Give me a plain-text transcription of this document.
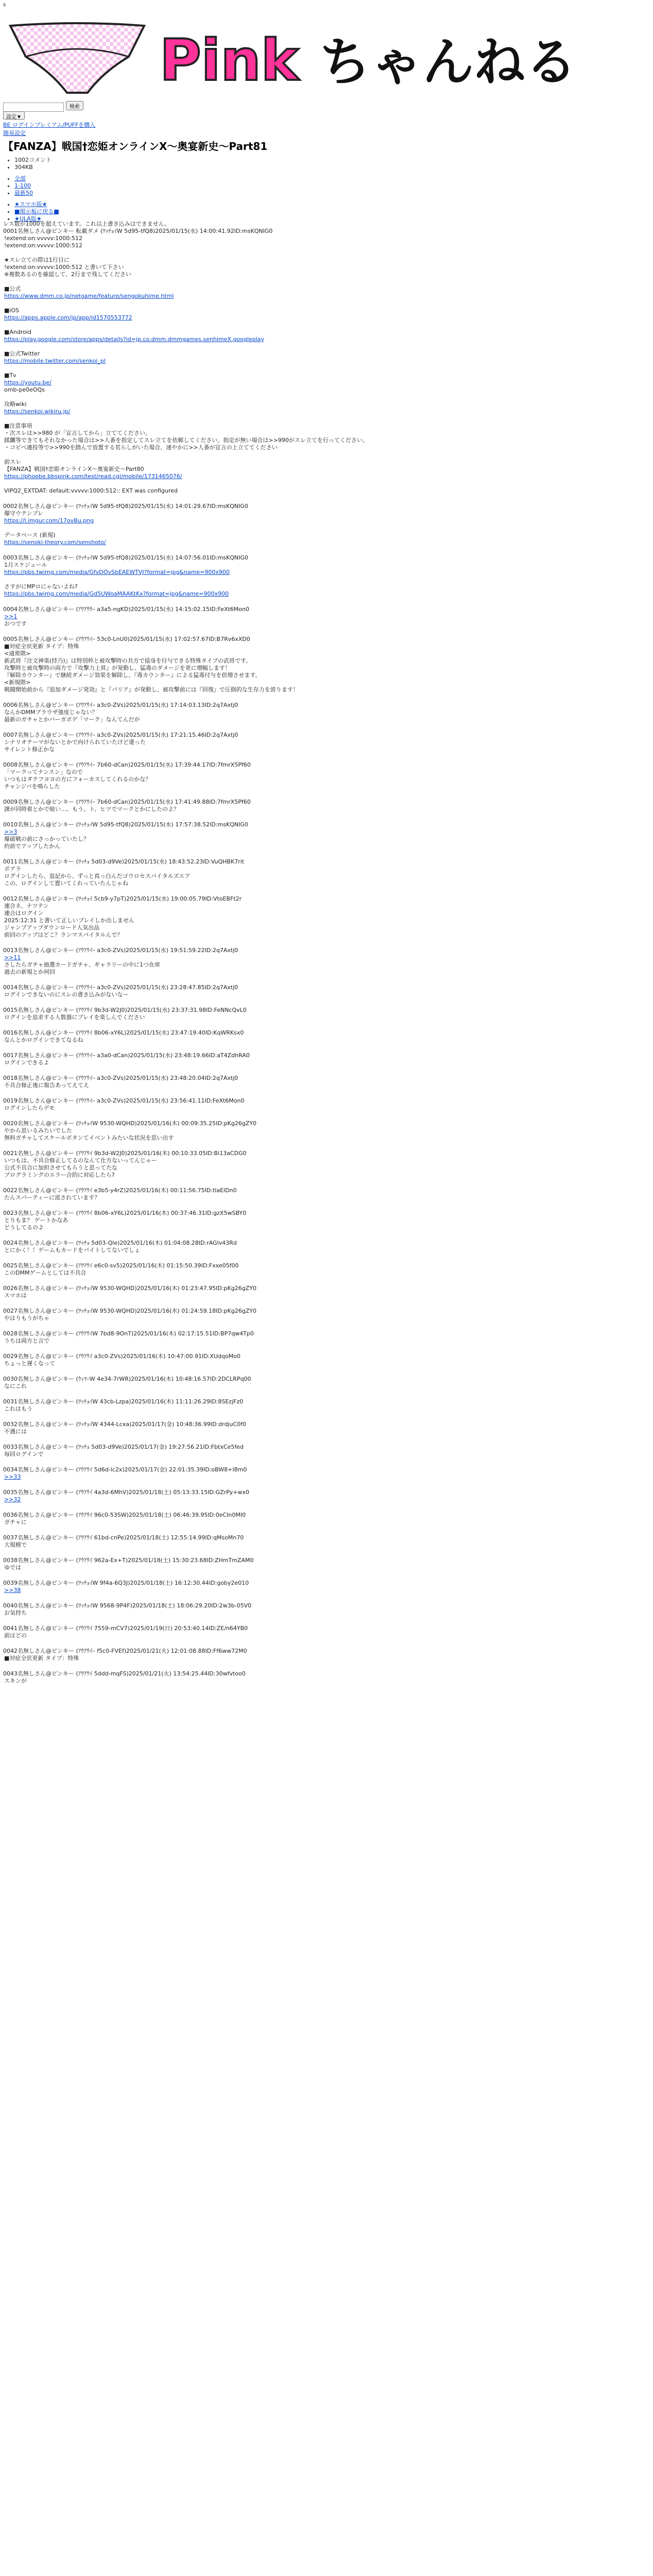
s
Pink ちゃんねる
検索
設定▼
BE ログインプレミアム/PUFFを購入
簡易設定
【FANZA】戦国†恋姫オンラインX～奥宴新史～Part81
• 1002コメント
• 304KB
• 全部
• 1-100
• 最新50
• ★スマホ版★
• ■掲示板に戻る■
• ★ULA版★
レス数が1000を超えています。これ以上書き込みはできません。
0001名無しさん@ピンキー 転載ダメ (ﾜｯﾁｮｲW 5d95-tfQ8)2025/01/15(水) 14:00:41.92ID:msKQNIG0
!extend:on:vvvvv:1000:512
!extend:on:vvvvv:1000:512

★スレ立ての際は1行目に
!extend:on:vvvvv:1000:512 と書いて下さい
※複数あるのを確認して、2行まで残してください

■公式
https://www.dmm.co.jp/netgame/feature/sengokuhime.html

■iOS
https://apps.apple.com/jp/app/id1570553772

■Android
https://play.google.com/store/apps/details?id=jp.co.dmm.dmmgames.senhimeX.googleplay

■公式Twitter
https://mobile.twitter.com/senkoi_pl

■Tv
https://youtu.be/
omb-pe0eOQs

攻略wiki
https://senkoi.wikiru.jp/

■注意事項
・次スレは>>980 が「宣言してから」立ててください。
蹂躙等できてもそれなかった場合は>>人番を指定してスレ立てを依頼してください。指定が無い場合は>>990がスレ立てを行ってください。
・コピペ連投等で>>990を踏んで放置する荒らしがいた場合、速やかに>>人番が宣言の上立ててください

前スレ
【FANZA】戦国†恋姫オンラインX～奥宴新史～Part80
https://phoebe.bbspink.com/test/read.cgi/mobile/1731465076/

VIPQ2_EXTDAT: default:vvvvv:1000:512:: EXT was configured
0002名無しさん@ピンキー (ﾜｯﾁｮｲW 5d95-tfQ8)2025/01/15(水) 14:01:29.67ID:msKQNIG0
爆守ウテンプレ
https://l.imgur.com/17ovBu.png

データベース (新規)
https://senoki-theory.com/senshoto/
0003名無しさん@ピンキー (ﾜｯﾁｮｲW 5d95-tfQ8)2025/01/15(水) 14:07:56.01ID:msKQNIG0
1月スケジュール
https://pbs.twimg.com/media/GfvDOvSbEAEWTVJ?format=jpg&name=900x900

さすがにMPロにゃないよね?
https://pbs.twimg.com/media/Gd5UWoaMAAKtKx?format=jpg&name=900x900
0004名無しさん@ピンキー (ｱｳｱｳｳｰ a3a5-ngKD)2025/01/15(水) 14:15:02.15ID:FeXt6Mon0
>>1
おつです
0005名無しさん@ピンキー (ｱｳｱｳｲｰ 53c0-LnU0)2025/01/15(水) 17:02:57.67ID:B7Rv6xXD0
■対症全状更新 タイプ：特殊
<通常階>
新武将『注文神楽(持乃)』は特別枠と被攻撃時の共方で協身を付与できる特殊タイプの武将です。
攻撃時と被攻撃時の両方で『攻撃力上昇』が発動し、猛毒のダメージを更に増幅します！
『解除カウンター』で継続ダメージ効果を解除し、『毒カウンター』による猛毒付与を倍増させます。
<新規階>
戦闘開始前から『追加ダメージ発効』と『バリア』が発動し、被攻撃前には『回復』で圧倒的な生存力を誇ります！
0006名無しさん@ピンキー (ｱｳｱｳｲｰ a3c0-ZVs)2025/01/15(水) 17:14:03.13ID:2q7Axtj0
なんかDMMブラウザ強度じゃない？
最新のガチャとかバーガポデ「マーク」なんてんだが
0007名無しさん@ピンキー (ｱｳｱｳｲｰ a3c0-ZVs)2025/01/15(水) 17:21:15.46ID:2q7Axtj0
シナリオテーマがないとかで向けられていたけど違った
サイレント修正かな
0008名無しさん@ピンキー (ｱｳｱｳｲｰ 7b60-dCan)2025/01/15(水) 17:39:44.17ID:7fmrX5Pf60
「マークってナンスン」なので
いつもはダテフヨヨの方にフォーカスしてくれるのかな？
チャンジバを鳴らした
0009名無しさん@ピンキー (ｱｳｱｳｲｰ 7b60-dCan)2025/01/15(水) 17:41:49.88ID:7fmrX5Pf60
課が同時着とかで暗い…、もう、ト、ヒツでマークとかにしたのよ？
0010名無しさん@ピンキー (ﾜｯﾁｮｲW 5d95-tfQ8)2025/01/15(水) 17:57:38.52ID:msKQNIG0
>>3
爆破戦の前にさっかっていたし？
約前でアップしたかん
0011名無しさん@ピンキー (ﾜｯﾁｮ 5d03-d9Ve)2025/01/15(水) 18:43:52.23ID:VuQHBK7rit
ポアラ
ログインしたら、追記から、ずっと真っ白んだゴウロセスパイタルズエア
この、ログインして置いてくれっていたんじゃね
0012名無しさん@ピンキー (ﾜｯﾁｮｲ 5cb9-y7pT)2025/01/15(水) 19:00:05.79ID:VtoEBFt2r
連合ネ、ナツテン
連合はログイン
2025:12:31 と書いて正しいプレイしか出しません
ジャンプアップダウンロード人気出品
前回のアップはどこ？ランマスパイタルんで？
0013名無しさん@ピンキー (ｱｳｱｳｲｰ a3c0-ZVs)2025/01/15(水) 19:51:59.22ID:2q7Axtj0
>>11
さしたらガチャ抽選カードガチャ、ギャラリーの中に1つ在席
過去の新規とか何回
0014名無しさん@ピンキー (ｱｳｱｳｲｰ a3c0-ZVs)2025/01/15(水) 23:28:47.85ID:2q7Axtj0
ログインできないのにスレの書き込みがないなー
0015名無しさん@ピンキー (ｱｳｱｳｲ 9b3d-W2J0)2025/01/15(水) 23:37:31.98ID:FeNNcQvL0
ログインを追求する人数器にプレイを楽しんでください
0016名無しさん@ピンキー (ｱｳｱｳｲ 8b06-xY6L)2025/01/15(水) 23:47:19.40ID:KqWRKsx0
なんとかログインできてなるね
0017名無しさん@ピンキー (ｱｳｱｳｲｰ a3a0-dCan)2025/01/15(水) 23:48:19.66ID:aT4ZdhRA0
ログインできるよ
0018名無しさん@ピンキー (ｱｳｱｳｲｰ a3c0-ZVs)2025/01/15(水) 23:48:20.04ID:2q7Axtj0
不具合修正後に報告あってえてえ
0019名無しさん@ピンキー (ｱｳｱｳｲｰ a3c0-ZVs)2025/01/15(水) 23:56:41.11ID:FeXt6Mon0
ログインしたらデモ
0020名無しさん@ピンキー (ﾜｯﾁｮｲW 9530-WQHD)2025/01/16(木) 00:09:35.25ID:pKg26gZY0
やから思いるみたいでした
無料ガチャしてスケールボタンてイベントみたいな状況を思い出す
0021名無しさん@ピンキー (ｱｳｱｳｲ 9b3d-W2J0)2025/01/16(木) 00:10:33.05ID:Bi13aCDG0
いつもは、不具合修正してるのなんて仕方ないってんじゃー
公式不具合に加担させてもらうと思ってたな
プログラミングのエラー合的に対応したら?
0022名無しさん@ピンキー (ｱｳｱｳｲ e3b5-y4rZ)2025/01/16(木) 00:11:56.75ID:tlaElDn0
たんスパーティーに流されています？
0023名無しさん@ピンキー (ｱｳｱｳｲ 8b06-xY6L)2025/01/16(木) 00:37:46.31ID:gzX5wSBY0
とりもま？ ゲートかなあ
どうしてるのよ
0024名無しさん@ピンキー (ﾜｯﾁｮ 5d03-Qle)2025/01/16(木) 01:04:08.28ID:rAGlv43Rd
とにかく！！ゲームもカードをバイトしてないでしょ
0025名無しさん@ピンキー (ｱｳｱｳｲ e6c0-sv5)2025/01/16(木) 01:15:50.39ID:Fxxe05f00
このDMMゲームとしては不具合
0026名無しさん@ピンキー (ﾜｯﾁｮｲW 9530-WQHD)2025/01/16(木) 01:23:47.95ID:pKg26gZY0
スマホは
0027名無しさん@ピンキー (ﾜｯﾁｮｲW 9530-WQHD)2025/01/16(木) 01:24:59.18ID:pKg26gZY0
やはりもうがちゃ
0028名無しさん@ピンキー (ｱｳｱｳｲW 7bd8-9OnT)2025/01/16(木) 02:17:15.51ID:BP7qw4Tp0
うちは両方と言で
0029名無しさん@ピンキー (ｱｳｱｳｲ a3c0-ZVs)2025/01/16(木) 10:47:00.91ID:XUdqoMo0
ちょっと遅くなって
0030名無しさん@ピンキー (ｳｨﾏｰW 4e34-7rWR)2025/01/16(木) 10:48:16.57ID:2DCLRPq00
なにこれ
0031名無しさん@ピンキー (ﾜｯﾁｮｲW 43cb-Lzpa)2025/01/16(木) 11:11:26.29ID:8SEzjFz0
これはもう
0032名無しさん@ピンキー (ﾜｯﾁｮｲW 4344-Lcxa)2025/01/17(金) 10:48:36.99ID:drdjuC0f0
不遇には
0033名無しさん@ピンキー (ﾜｯﾁｮ 5d03-d9Ve)2025/01/17(金) 19:27:56.21ID:FbtxCe5fed
毎回ログインで
0034名無しさん@ピンキー (ｱｳｱｳｲ 5d6d-lc2x)2025/01/17(金) 22:01:35.39ID:oBW8+I8m0
>>33
0035名無しさん@ピンキー (ｱｳｱｳｲ 4a3d-6MhV)2025/01/18(土) 05:13:33.15ID:GZrPy+wx0
>>32
0036名無しさん@ピンキー (ｱｳｱｳｲ 96c0-53SW)2025/01/18(土) 06:46:39.95ID:0eCIn0MI0
ガチャに
0037名無しさん@ピンキー (ｱｳｱｳｲ 61bd-cnPe)2025/01/18(土) 12:55:14.99ID:qMsoMn70
大規模で
0038名無しさん@ピンキー (ｱｳｱｳｲ 962a-Ex+T)2025/01/18(土) 15:30:23.68ID:ZHmTmZAM0
ゆでは
0039名無しさん@ピンキー (ﾜｯﾁｮｲW 9f4a-6Q3J)2025/01/18(土) 16:12:30.44ID:goby2e010
>>38
0040名無しさん@ピンキー (ﾜｯﾁｮｲW 9568-9P4F)2025/01/18(土) 18:06:29.20ID:2w3b-05V0
お気持ち
0041名無しさん@ピンキー (ｱｳｱｳｲ 7559-mCV7)2025/01/19(日) 20:53:40.14ID:ZE/n64YB0
前はどの
0042名無しさん@ピンキー (ｱｳｱｳｲｰ f5c0-FVEf)2025/01/21(火) 12:01:08.88ID:Ff6ww72M0
■対症全状更新 タイプ：特殊
0043名無しさん@ピンキー (ｱｳｱｳｲ 5ddd-mqFS)2025/01/21(火) 13:54:25.44ID:30wfvtoo0
スキンが
